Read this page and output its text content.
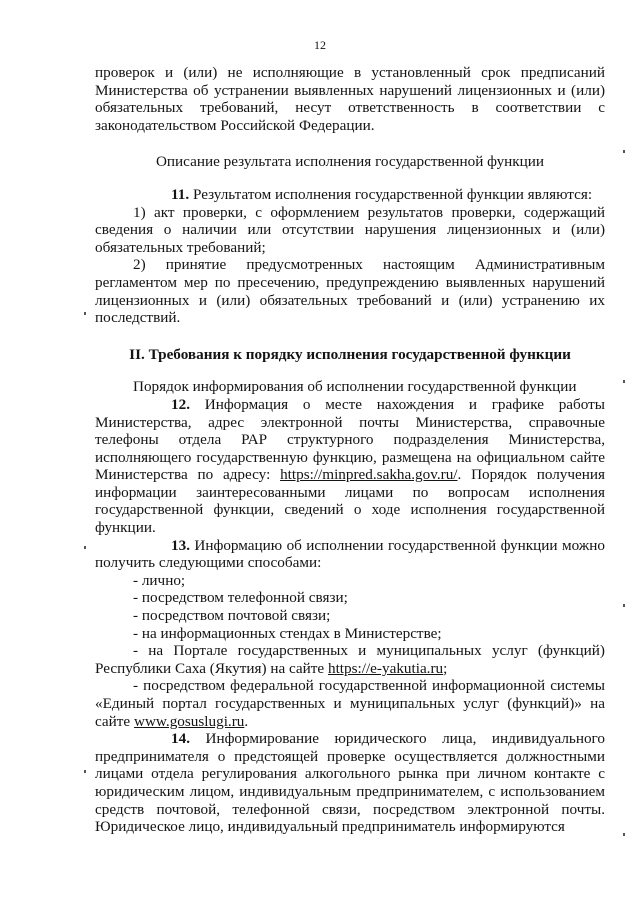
12

проверок и (или) не исполняющие в установленный срок предписаний Министерства об устранении выявленных нарушений лицензионных и (или) обязательных требований, несут ответственность в соответствии с законодательством Российской Федерации.

Описание результата исполнения государственной функции

11. Результатом исполнения государственной функции являются:

1) акт проверки, с оформлением результатов проверки, содержащий сведения о наличии или отсутствии нарушения лицензионных и (или) обязательных требований;

2) принятие предусмотренных настоящим Административным регламентом мер по пресечению, предупреждению выявленных нарушений лицензионных и (или) обязательных требований и (или) устранению их последствий.

II. Требования к порядку исполнения государственной функции

Порядок информирования об исполнении государственной функции

12. Информация о месте нахождения и графике работы Министерства, адрес электронной почты Министерства, справочные телефоны отдела РАР структурного подразделения Министерства, исполняющего государственную функцию, размещена на официальном сайте Министерства по адресу: https://minpred.sakha.gov.ru/. Порядок получения информации заинтересованными лицами по вопросам исполнения государственной функции, сведений о ходе исполнения государственной функции.

13. Информацию об исполнении государственной функции можно получить следующими способами:

- лично;

- посредством телефонной связи;

- посредством почтовой связи;

- на информационных стендах в Министерстве;

- на Портале государственных и муниципальных услуг (функций) Республики Саха (Якутия) на сайте https://e-yakutia.ru;

- посредством федеральной государственной информационной системы «Единый портал государственных и муниципальных услуг (функций)» на сайте www.gosuslugi.ru.

14. Информирование юридического лица, индивидуального предпринимателя о предстоящей проверке осуществляется должностными лицами отдела регулирования алкогольного рынка при личном контакте с юридическим лицом, индивидуальным предпринимателем, с использованием средств почтовой, телефонной связи, посредством электронной почты. Юридическое лицо, индивидуальный предприниматель информируются
